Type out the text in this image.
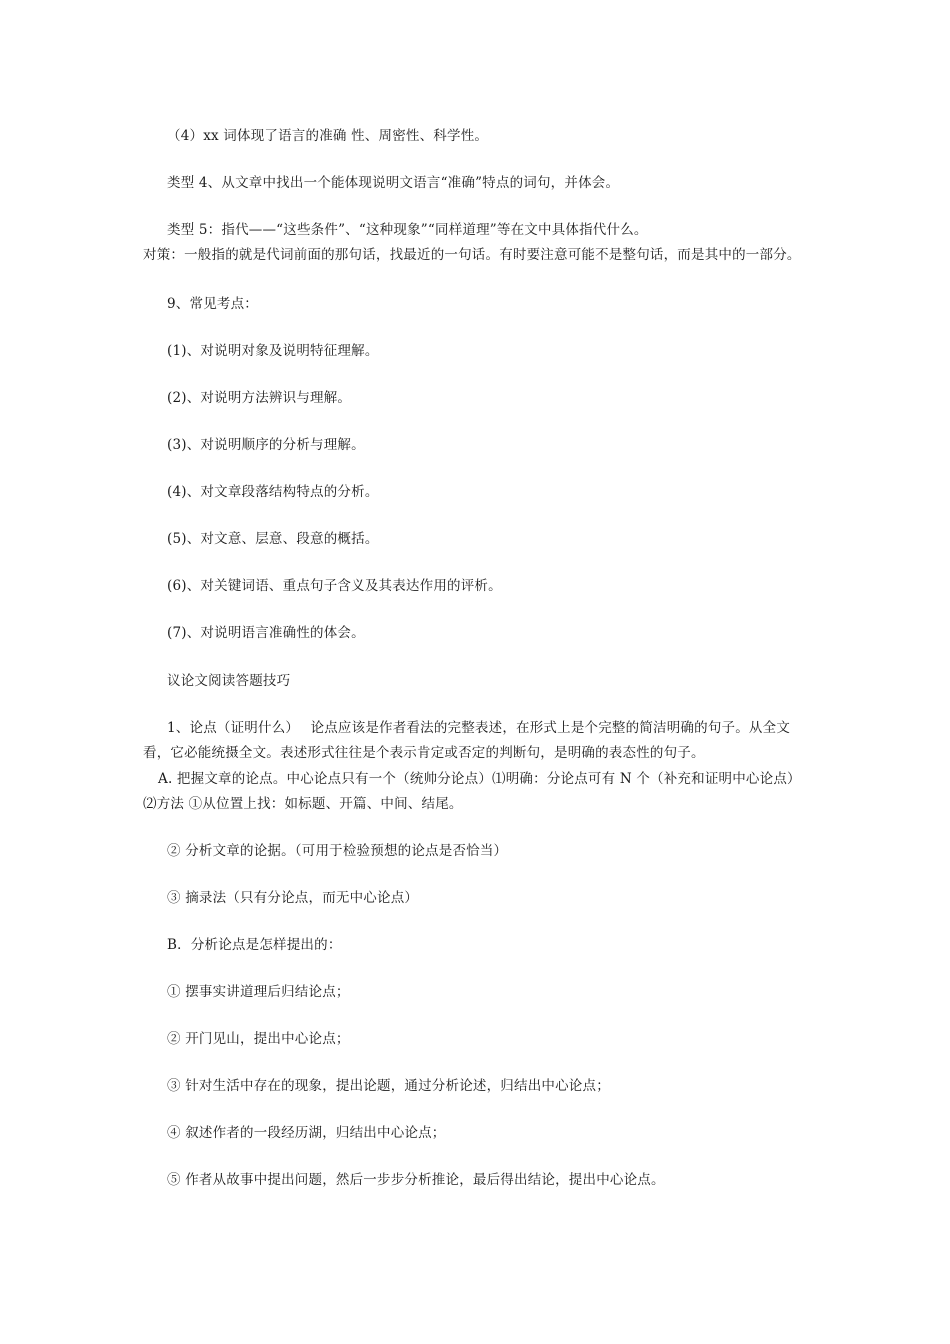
（4）xx 词体现了语言的准确 性、周密性、科学性。
类型 4、从文章中找出一个能体现说明文语言“准确”特点的词句，并体会。
类型 5：指代——“这些条件”、“这种现象”“同样道理”等在文中具体指代什么。
对策：一般指的就是代词前面的那句话，找最近的一句话。有时要注意可能不是整句话，而是其中的一部分。
9、常见考点：
(1)、对说明对象及说明特征理解。
(2)、对说明方法辨识与理解。
(3)、对说明顺序的分析与理解。
(4)、对文章段落结构特点的分析。
(5)、对文意、层意、段意的概括。
(6)、对关键词语、重点句子含义及其表达作用的评析。
(7)、对说明语言准确性的体会。
议论文阅读答题技巧
1、论点（证明什么）　 论点应该是作者看法的完整表述，在形式上是个完整的简洁明确的句子。从全文
看，它必能统摄全文。表述形式往往是个表示肯定或否定的判断句，是明确的表态性的句子。
A. 把握文章的论点。中心论点只有一个（统帅分论点）⑴明确：分论点可有 N 个（补充和证明中心论点）
⑵方法 ①从位置上找：如标题、开篇、中间、结尾。
② 分析文章的论据。（可用于检验预想的论点是否恰当）
③ 摘录法（只有分论点，而无中心论点）
B．分析论点是怎样提出的：
① 摆事实讲道理后归结论点；
② 开门见山，提出中心论点；
③ 针对生活中存在的现象，提出论题，通过分析论述，归结出中心论点；
④ 叙述作者的一段经历湖，归结出中心论点；
⑤ 作者从故事中提出问题，然后一步步分析推论，最后得出结论，提出中心论点。
